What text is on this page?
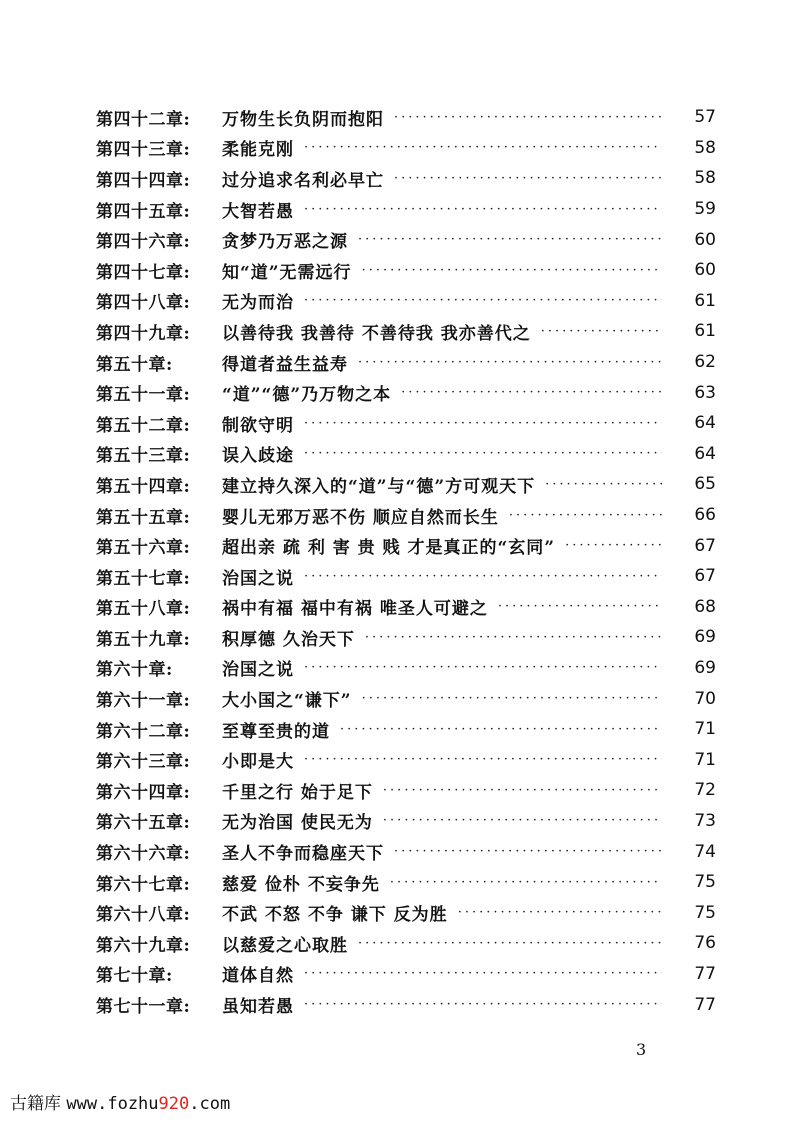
第四十二章:	万物生长负阴而抱阳 ·····	57
第四十三章:	柔能克刚 ·····	58
第四十四章:	过分追求名利必早亡 ·····	58
第四十五章:	大智若愚 ·····	59
第四十六章:	贪梦乃万恶之源 ·····	60
第四十七章:	知“道”无需远行 ·····	60
第四十八章:	无为而治 ·····	61
第四十九章:	以善待我 我善待 不善待我 我亦善代之 ·····	61
第五十章:	得道者益生益寿 ·····	62
第五十一章:	“道”“德”乃万物之本 ·····	63
第五十二章:	制欲守明 ·····	64
第五十三章:	误入歧途 ·····	64
第五十四章:	建立持久深入的“道”与“德”方可观天下 ·····	65
第五十五章:	婴儿无邪万恶不伤 顺应自然而长生 ·····	66
第五十六章:	超出亲 疏 利 害 贵 贱 才是真正的“玄同” ·····	67
第五十七章:	治国之说 ·····	67
第五十八章:	祸中有福 福中有祸 唯圣人可避之 ·····	68
第五十九章:	积厚德 久治天下 ·····	69
第六十章:	治国之说 ·····	69
第六十一章:	大小国之“谦下” ·····	70
第六十二章:	至尊至贵的道 ·····	71
第六十三章:	小即是大 ·····	71
第六十四章:	千里之行 始于足下 ·····	72
第六十五章:	无为治国 使民无为 ·····	73
第六十六章:	圣人不争而稳座天下 ·····	74
第六十七章:	慈爱 俭朴 不妄争先 ·····	75
第六十八章:	不武 不怒 不争 谦下 反为胜 ·····	75
第六十九章:	以慈爱之心取胜 ·····	76
第七十章:	道体自然 ·····	77
第七十一章:	虽知若愚 ·····	77
3
古籍库 www.fozhu920.com
